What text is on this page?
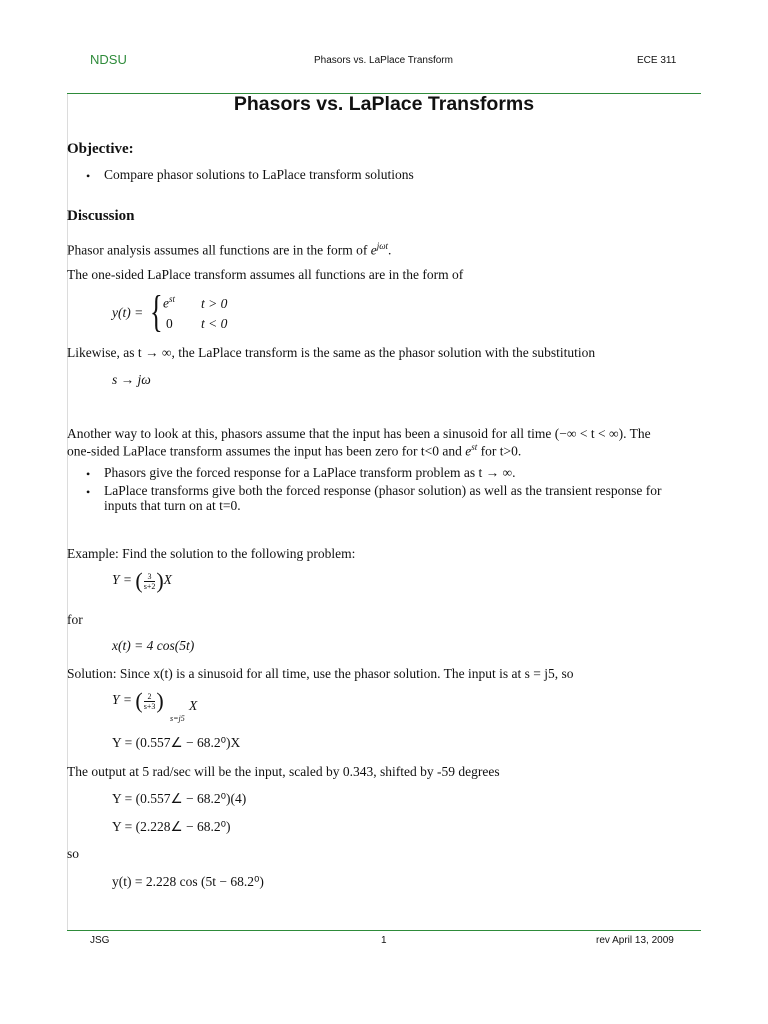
NDSU	Phasors vs. LaPlace Transform	ECE 311
Phasors vs. LaPlace Transforms
Objective:
• Compare phasor solutions to LaPlace transform solutions
Discussion
Phasor analysis assumes all functions are in the form of $e^{j\omega t}$.
The one-sided LaPlace transform assumes all functions are in the form of
y(t) = { $e^{st}$ t > 0
0 t < 0
Likewise, as t → ∞, the LaPlace transform is the same as the phasor solution with the substitution
s → jω
Another way to look at this, phasors assume that the input has been a sinusoid for all time (−∞ < t < ∞). The
one-sided LaPlace transform assumes the input has been zero for t<0 and $e^{st}$ for t>0.
• Phasors give the forced response for a LaPlace transform problem as t → ∞.
• LaPlace transforms give both the forced response (phasor solution) as well as the transient response for
inputs that turn on at t=0.
Example: Find the solution to the following problem:
Y = ( $\frac{3}{s+2} )X$
for
x(t) = 4 cos(5t)
Solution: Since x(t) is a sinusoid for all time, use the phasor solution. The input is at s = j5, so
Y = ( $\frac{2}{s+3}$ )
s=j5
X
Y = (0.557∠ − 68.2⁰)X
The output at 5 rad/sec will be the input, scaled by 0.343, shifted by -59 degrees
Y = (0.557∠ − 68.2⁰)(4)
Y = (2.228∠ − 68.2⁰)
so
y(t) = 2.228 cos (5t − 68.2⁰)
JSG	1	rev April 13, 2009
